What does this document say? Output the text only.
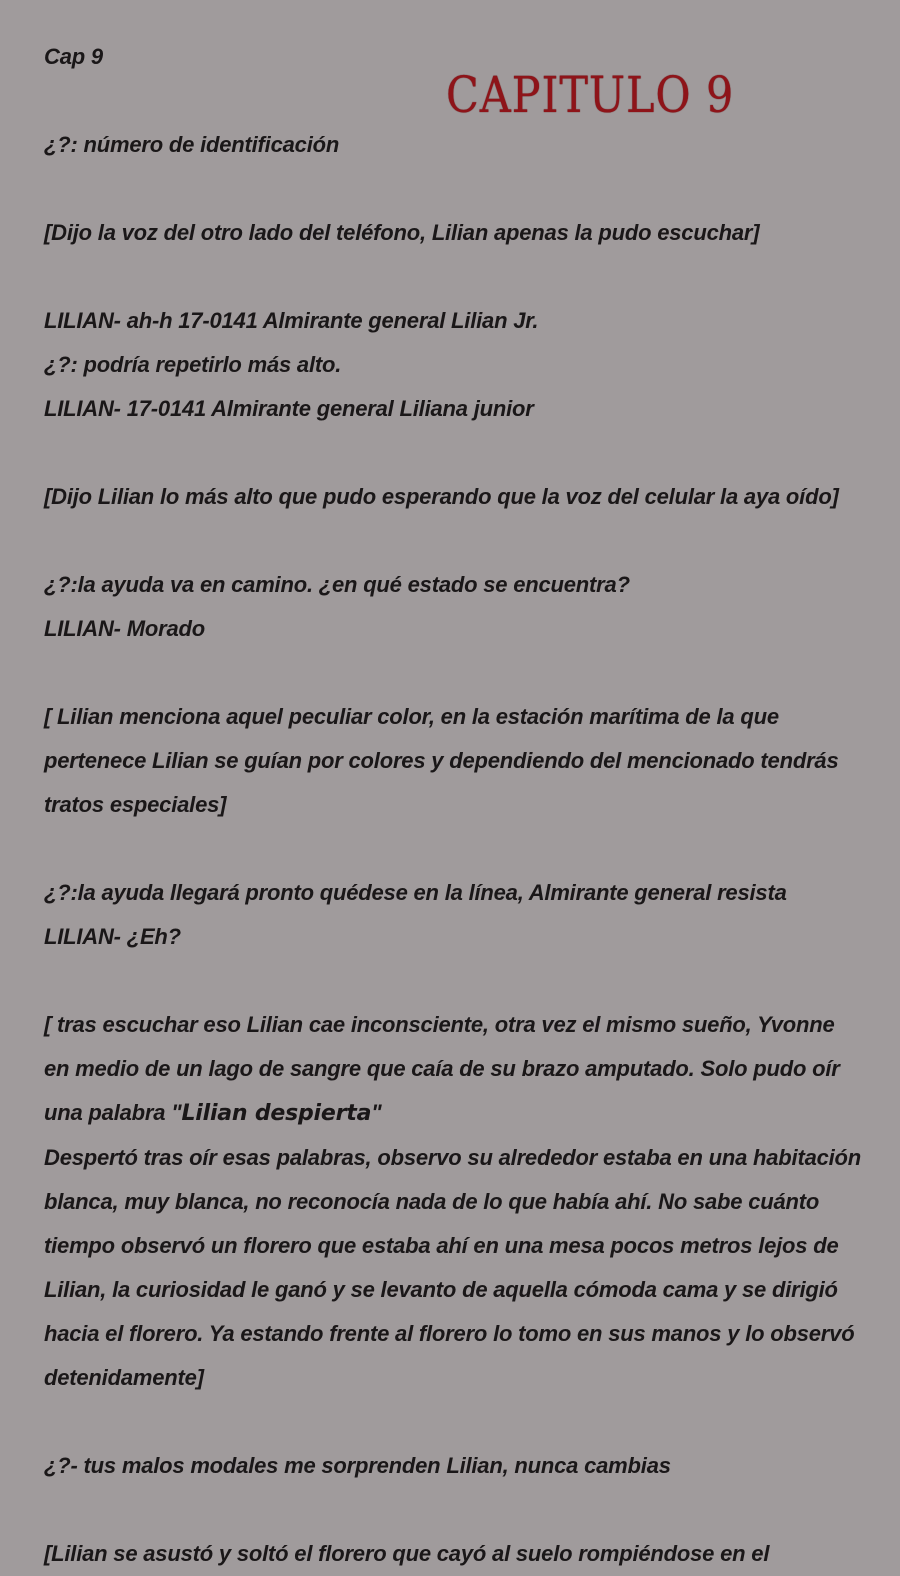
CAPITULO 9
Cap 9
¿?: número de identificación
[Dijo la voz del otro lado del teléfono, Lilian apenas la pudo escuchar]
LILIAN- ah-h 17-0141 Almirante general Lilian Jr.
¿?: podría repetirlo más alto.
LILIAN- 17-0141 Almirante general Liliana junior
[Dijo Lilian lo más alto que pudo esperando que la voz del celular la aya oído]
¿?:la ayuda va en camino. ¿en qué estado se encuentra?
LILIAN- Morado
[ Lilian menciona aquel peculiar color, en la estación marítima de la que pertenece Lilian se guían por colores y dependiendo del mencionado tendrás tratos especiales]
¿?:la ayuda llegará pronto quédese en la línea, Almirante general resista
LILIAN- ¿Eh?
[ tras escuchar eso Lilian cae inconsciente, otra vez el mismo sueño, Yvonne en medio de un lago de sangre que caía de su brazo amputado. Solo pudo oír una palabra "Lilian despierta"
Despertó tras oír esas palabras, observo su alrededor estaba en una habitación blanca, muy blanca, no reconocía nada de lo que había ahí. No sabe cuánto tiempo observó un florero que estaba ahí en una mesa pocos metros lejos de Lilian, la curiosidad le ganó y se levanto de aquella cómoda cama y se dirigió hacia el florero. Ya estando frente al florero lo tomo en sus manos y lo observó detenidamente]
¿?- tus malos modales me sorprenden Lilian, nunca cambias
[Lilian se asustó y soltó el florero que cayó al suelo rompiéndose en el
